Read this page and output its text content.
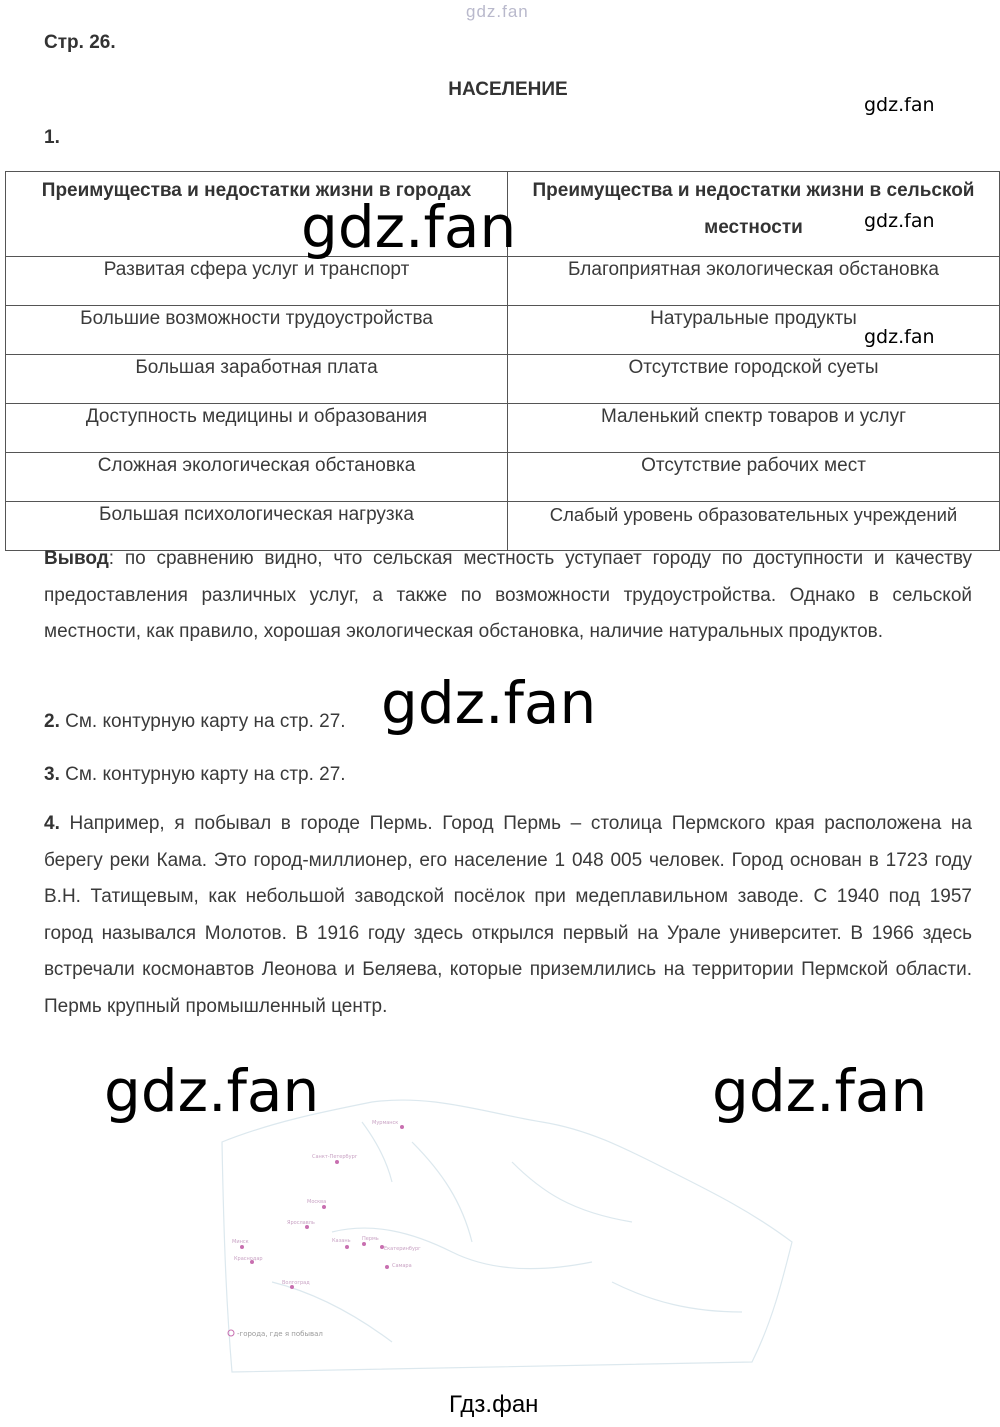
gdz.fan
Стр. 26.
НАСЕЛЕНИЕ
1.
Преимущества и недостатки жизни в городах	Преимущества и недостатки жизни в сельской местности
Развитая сфера услуг и транспорт	Благоприятная экологическая обстановка
Большие возможности трудоустройства	Натуральные продукты
Большая заработная плата	Отсутствие городской суеты
Доступность медицины и образования	Маленький спектр товаров и услуг
Сложная экологическая обстановка	Отсутствие рабочих мест
Большая психологическая нагрузка	Слабый уровень образовательных учреждений
Вывод: по сравнению видно, что сельская местность уступает городу по доступности и качеству предоставления различных услуг, а также по возможности трудоустройства. Однако в сельской местности, как правило, хорошая экологическая обстановка, наличие натуральных продуктов.
2. См. контурную карту на стр. 27.
3. См. контурную карту на стр. 27.
4. Например, я побывал в городе Пермь. Город Пермь – столица Пермского края расположена на берегу реки Кама. Это город-миллионер, его население 1 048 005 человек. Город основан в 1723 году В.Н. Татищевым, как небольшой заводской посёлок при медеплавильном заводе. С 1940 под 1957 город назывался Молотов. В 1916 году здесь открылся первый на Урале университет. В 1966 здесь встречали космонавтов Леонова и Беляева, которые приземлились на территории Пермской области. Пермь крупный промышленный центр.
Мурманск
Санкт-Петербург
Москва
Ярославль
Минск	Казань Пермь
Екатеринбург
Самара
Волгоград
Краснодар
-города, где я побывал
gdz.fan
gdz.fan	gdz.fan
gdz.fan
gdz.fan
gdz.fan	gdz.fan
Гдз.фан
